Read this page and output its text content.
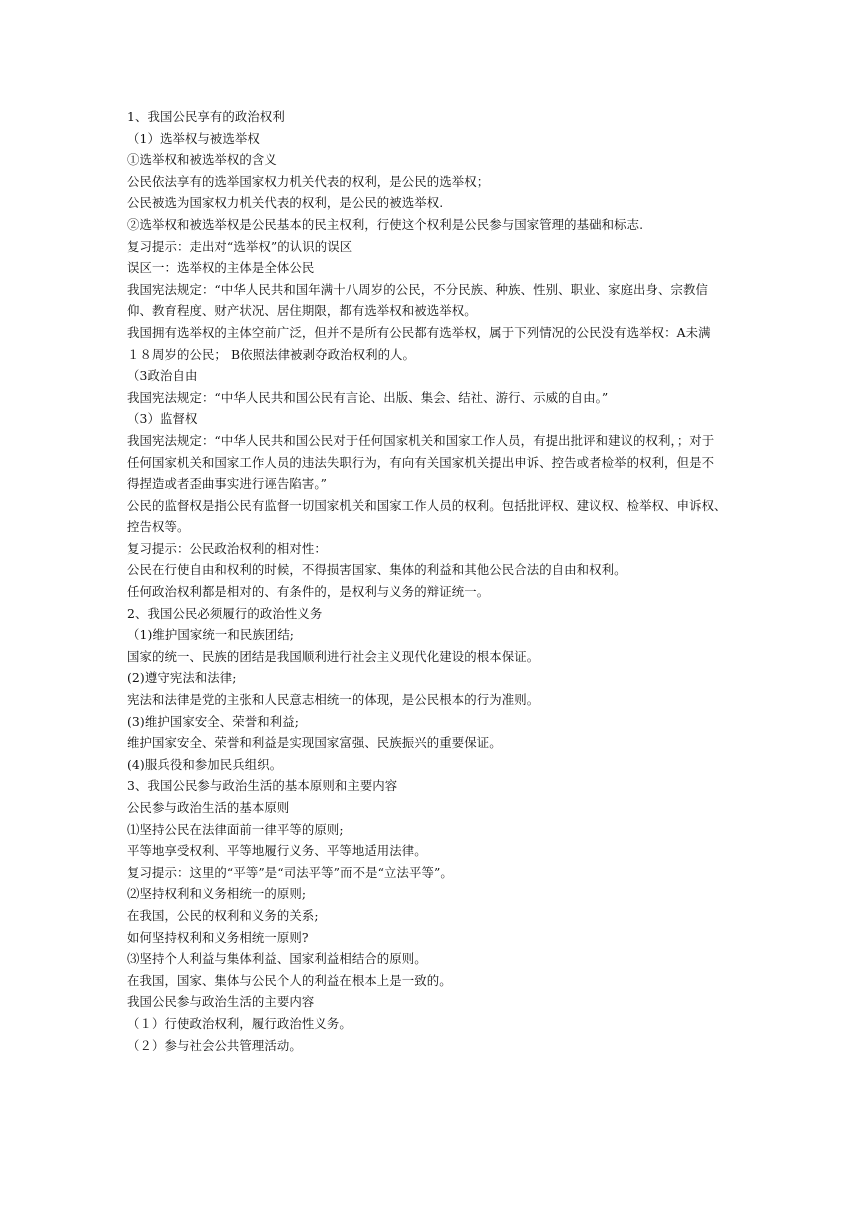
1、我国公民享有的政治权利
（1）选举权与被选举权
①选举权和被选举权的含义
公民依法享有的选举国家权力机关代表的权利，是公民的选举权；
公民被选为国家权力机关代表的权利，是公民的被选举权.
②选举权和被选举权是公民基本的民主权利，行使这个权利是公民参与国家管理的基础和标志.
复习提示：走出对“选举权”的认识的误区
误区一：选举权的主体是全体公民
我国宪法规定：“中华人民共和国年满十八周岁的公民，不分民族、种族、性别、职业、家庭出身、宗教信
仰、教育程度、财产状况、居住期限，都有选举权和被选举权。
我国拥有选举权的主体空前广泛，但并不是所有公民都有选举权，属于下列情况的公民没有选举权：A未满
１８周岁的公民； B依照法律被剥夺政治权利的人。
（3政治自由
我国宪法规定：“中华人民共和国公民有言论、出版、集会、结社、游行、示威的自由。”
（3）监督权
我国宪法规定：“中华人民共和国公民对于任何国家机关和国家工作人员，有提出批评和建议的权利，；对于
任何国家机关和国家工作人员的违法失职行为，有向有关国家机关提出申诉、控告或者检举的权利，但是不
得捏造或者歪曲事实进行诬告陷害。”
公民的监督权是指公民有监督一切国家机关和国家工作人员的权利。包括批评权、建议权、检举权、申诉权、
控告权等。
复习提示：公民政治权利的相对性：
公民在行使自由和权利的时候，不得损害国家、集体的利益和其他公民合法的自由和权利。
任何政治权利都是相对的、有条件的，是权利与义务的辩证统一。
2、我国公民必须履行的政治性义务
（1)维护国家统一和民族团结;
国家的统一、民族的团结是我国顺利进行社会主义现代化建设的根本保证。
(2)遵守宪法和法律;
宪法和法律是党的主张和人民意志相统一的体现，是公民根本的行为准则。
(3)维护国家安全、荣誉和利益;
维护国家安全、荣誉和利益是实现国家富强、民族振兴的重要保证。
(4)服兵役和参加民兵组织。
3、我国公民参与政治生活的基本原则和主要内容
公民参与政治生活的基本原则
⑴坚持公民在法律面前一律平等的原则;
平等地享受权利、平等地履行义务、平等地适用法律。
复习提示：这里的“平等”是“司法平等”而不是“立法平等”。
⑵坚持权利和义务相统一的原则;
在我国，公民的权利和义务的关系;
如何坚持权利和义务相统一原则?
⑶坚持个人利益与集体利益、国家利益相结合的原则。
在我国，国家、集体与公民个人的利益在根本上是一致的。
我国公民参与政治生活的主要内容
（１）行使政治权利，履行政治性义务。
（２）参与社会公共管理活动。
